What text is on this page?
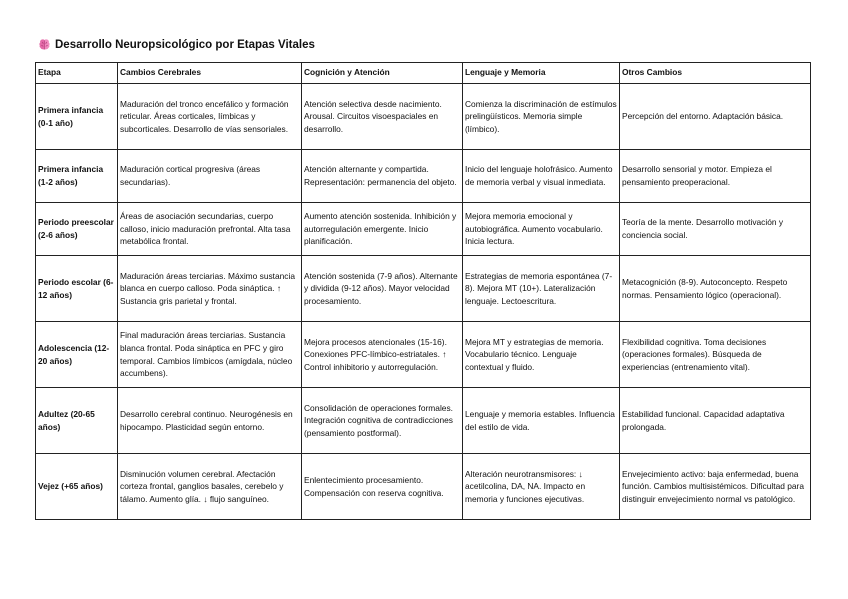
Desarrollo Neuropsicológico por Etapas Vitales
Etapa	Cambios Cerebrales	Cognición y Atención	Lenguaje y Memoria	Otros Cambios
Primera infancia (0-1 año)	Maduración del tronco encefálico y formación reticular. Áreas corticales, límbicas y subcorticales. Desarrollo de vías sensoriales.	Atención selectiva desde nacimiento. Arousal. Circuitos visoespaciales en desarrollo.	Comienza la discriminación de estímulos prelingüísticos. Memoria simple (límbico).	Percepción del entorno. Adaptación básica.
Primera infancia (1-2 años)	Maduración cortical progresiva (áreas secundarias).	Atención alternante y compartida. Representación: permanencia del objeto.	Inicio del lenguaje holofrásico. Aumento de memoria verbal y visual inmediata.	Desarrollo sensorial y motor. Empieza el pensamiento preoperacional.
Periodo preescolar (2-6 años)	Áreas de asociación secundarias, cuerpo calloso, inicio maduración prefrontal. Alta tasa metabólica frontal.	Aumento atención sostenida. Inhibición y autorregulación emergente. Inicio planificación.	Mejora memoria emocional y autobiográfica. Aumento vocabulario. Inicia lectura.	Teoría de la mente. Desarrollo motivación y conciencia social.
Periodo escolar (6-12 años)	Maduración áreas terciarias. Máximo sustancia blanca en cuerpo calloso. Poda sináptica. ↑ Sustancia gris parietal y frontal.	Atención sostenida (7-9 años). Alternante y dividida (9-12 años). Mayor velocidad procesamiento.	Estrategias de memoria espontánea (7-8). Mejora MT (10+). Lateralización lenguaje. Lectoescritura.	Metacognición (8-9). Autoconcepto. Respeto normas. Pensamiento lógico (operacional).
Adolescencia (12-20 años)	Final maduración áreas terciarias. Sustancia blanca frontal. Poda sináptica en PFC y giro temporal. Cambios límbicos (amígdala, núcleo accumbens).	Mejora procesos atencionales (15-16). Conexiones PFC-límbico-estriatales. ↑ Control inhibitorio y autorregulación.	Mejora MT y estrategias de memoria. Vocabulario técnico. Lenguaje contextual y fluido.	Flexibilidad cognitiva. Toma decisiones (operaciones formales). Búsqueda de experiencias (entrenamiento vital).
Adultez (20-65 años)	Desarrollo cerebral continuo. Neurogénesis en hipocampo. Plasticidad según entorno.	Consolidación de operaciones formales. Integración cognitiva de contradicciones (pensamiento postformal).	Lenguaje y memoria estables. Influencia del estilo de vida.	Estabilidad funcional. Capacidad adaptativa prolongada.
Vejez (+65 años)	Disminución volumen cerebral. Afectación corteza frontal, ganglios basales, cerebelo y tálamo. Aumento glía. ↓ flujo sanguíneo.	Enlentecimiento procesamiento. Compensación con reserva cognitiva.	Alteración neurotransmisores: ↓ acetilcolina, DA, NA. Impacto en memoria y funciones ejecutivas.	Envejecimiento activo: baja enfermedad, buena función. Cambios multisistémicos. Dificultad para distinguir envejecimiento normal vs patológico.
